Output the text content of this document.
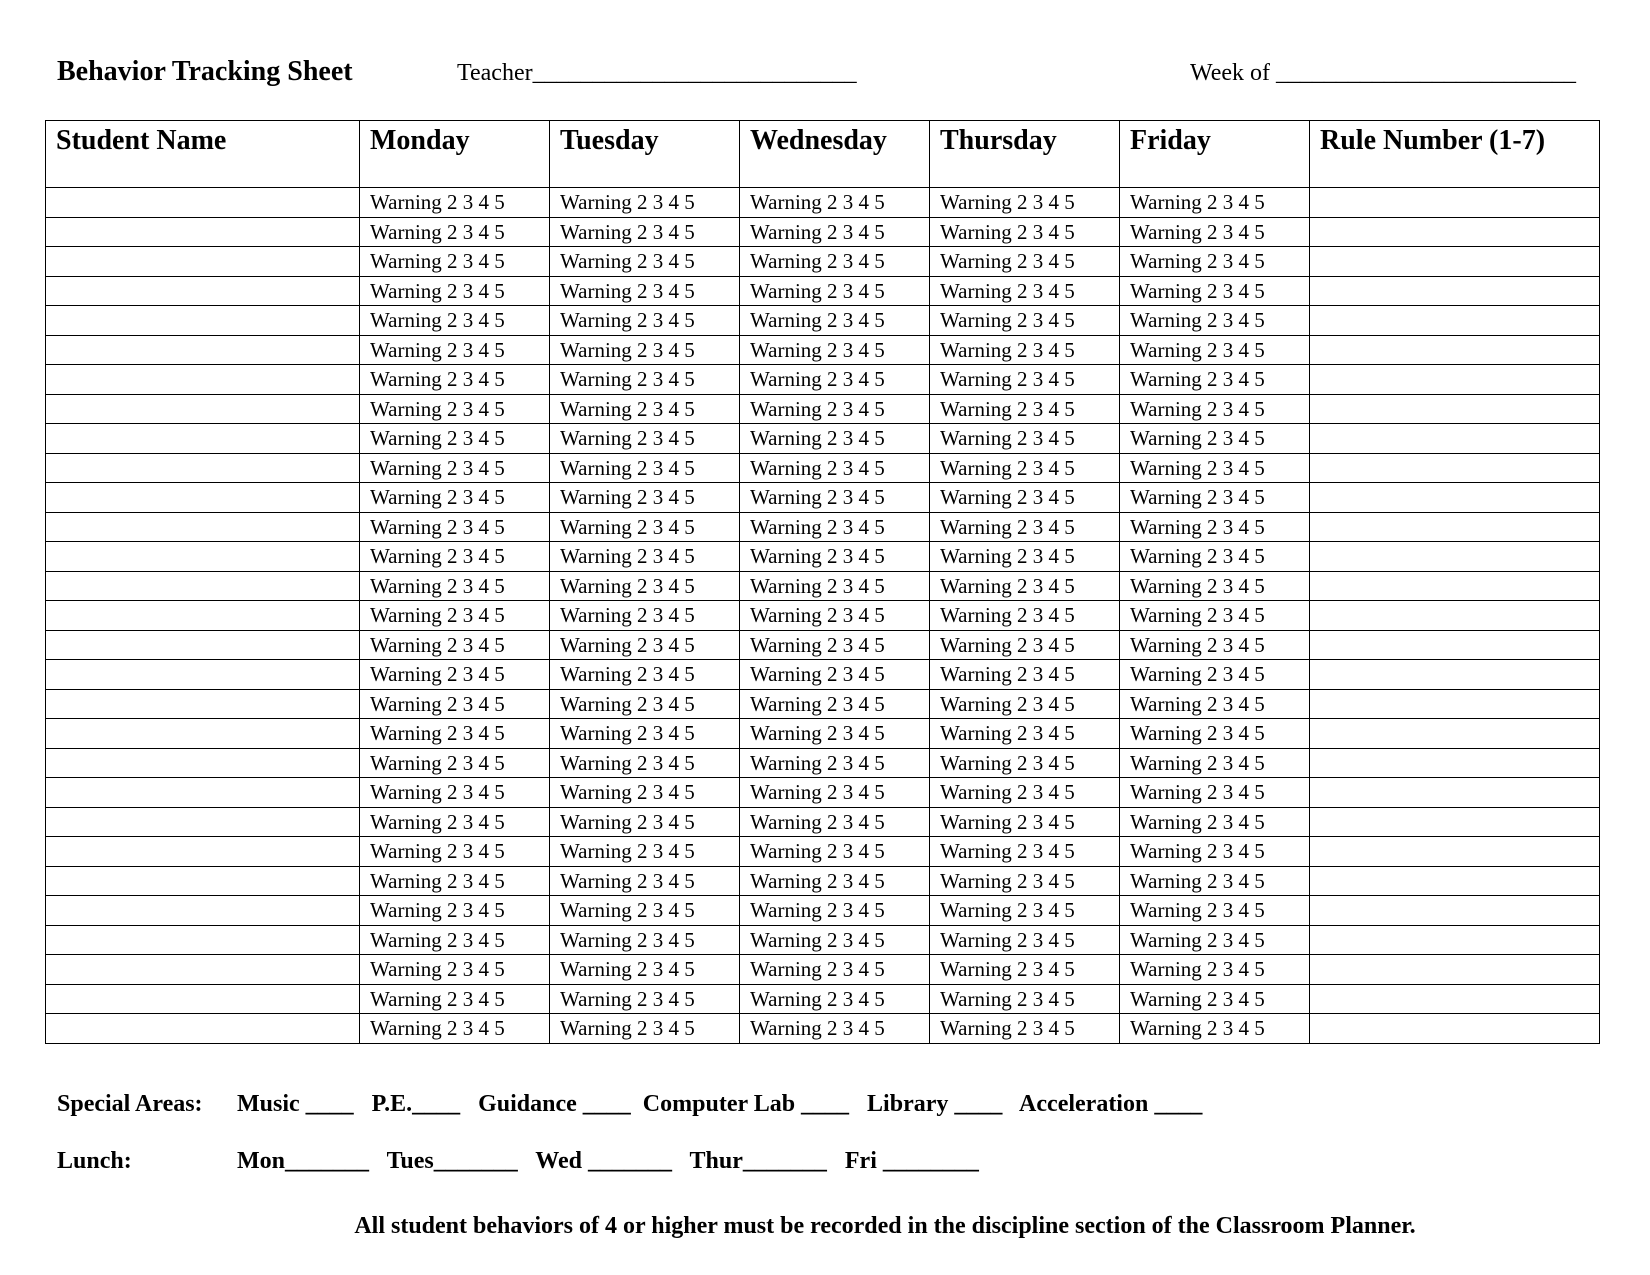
Behavior Tracking Sheet	Teacher___________________________	Week of _________________________
Student Name	Monday	Tuesday	Wednesday	Thursday	Friday	Rule Number (1-7)
	Warning 2 3 4 5	Warning 2 3 4 5	Warning 2 3 4 5	Warning 2 3 4 5	Warning 2 3 4 5	
	Warning 2 3 4 5	Warning 2 3 4 5	Warning 2 3 4 5	Warning 2 3 4 5	Warning 2 3 4 5	
	Warning 2 3 4 5	Warning 2 3 4 5	Warning 2 3 4 5	Warning 2 3 4 5	Warning 2 3 4 5	
	Warning 2 3 4 5	Warning 2 3 4 5	Warning 2 3 4 5	Warning 2 3 4 5	Warning 2 3 4 5	
	Warning 2 3 4 5	Warning 2 3 4 5	Warning 2 3 4 5	Warning 2 3 4 5	Warning 2 3 4 5	
	Warning 2 3 4 5	Warning 2 3 4 5	Warning 2 3 4 5	Warning 2 3 4 5	Warning 2 3 4 5	
	Warning 2 3 4 5	Warning 2 3 4 5	Warning 2 3 4 5	Warning 2 3 4 5	Warning 2 3 4 5	
	Warning 2 3 4 5	Warning 2 3 4 5	Warning 2 3 4 5	Warning 2 3 4 5	Warning 2 3 4 5	
	Warning 2 3 4 5	Warning 2 3 4 5	Warning 2 3 4 5	Warning 2 3 4 5	Warning 2 3 4 5	
	Warning 2 3 4 5	Warning 2 3 4 5	Warning 2 3 4 5	Warning 2 3 4 5	Warning 2 3 4 5	
	Warning 2 3 4 5	Warning 2 3 4 5	Warning 2 3 4 5	Warning 2 3 4 5	Warning 2 3 4 5	
	Warning 2 3 4 5	Warning 2 3 4 5	Warning 2 3 4 5	Warning 2 3 4 5	Warning 2 3 4 5	
	Warning 2 3 4 5	Warning 2 3 4 5	Warning 2 3 4 5	Warning 2 3 4 5	Warning 2 3 4 5	
	Warning 2 3 4 5	Warning 2 3 4 5	Warning 2 3 4 5	Warning 2 3 4 5	Warning 2 3 4 5	
	Warning 2 3 4 5	Warning 2 3 4 5	Warning 2 3 4 5	Warning 2 3 4 5	Warning 2 3 4 5	
	Warning 2 3 4 5	Warning 2 3 4 5	Warning 2 3 4 5	Warning 2 3 4 5	Warning 2 3 4 5	
	Warning 2 3 4 5	Warning 2 3 4 5	Warning 2 3 4 5	Warning 2 3 4 5	Warning 2 3 4 5	
	Warning 2 3 4 5	Warning 2 3 4 5	Warning 2 3 4 5	Warning 2 3 4 5	Warning 2 3 4 5	
	Warning 2 3 4 5	Warning 2 3 4 5	Warning 2 3 4 5	Warning 2 3 4 5	Warning 2 3 4 5	
	Warning 2 3 4 5	Warning 2 3 4 5	Warning 2 3 4 5	Warning 2 3 4 5	Warning 2 3 4 5	
	Warning 2 3 4 5	Warning 2 3 4 5	Warning 2 3 4 5	Warning 2 3 4 5	Warning 2 3 4 5	
	Warning 2 3 4 5	Warning 2 3 4 5	Warning 2 3 4 5	Warning 2 3 4 5	Warning 2 3 4 5	
	Warning 2 3 4 5	Warning 2 3 4 5	Warning 2 3 4 5	Warning 2 3 4 5	Warning 2 3 4 5	
	Warning 2 3 4 5	Warning 2 3 4 5	Warning 2 3 4 5	Warning 2 3 4 5	Warning 2 3 4 5	
	Warning 2 3 4 5	Warning 2 3 4 5	Warning 2 3 4 5	Warning 2 3 4 5	Warning 2 3 4 5	
	Warning 2 3 4 5	Warning 2 3 4 5	Warning 2 3 4 5	Warning 2 3 4 5	Warning 2 3 4 5	
	Warning 2 3 4 5	Warning 2 3 4 5	Warning 2 3 4 5	Warning 2 3 4 5	Warning 2 3 4 5	
	Warning 2 3 4 5	Warning 2 3 4 5	Warning 2 3 4 5	Warning 2 3 4 5	Warning 2 3 4 5	
	Warning 2 3 4 5	Warning 2 3 4 5	Warning 2 3 4 5	Warning 2 3 4 5	Warning 2 3 4 5	

Special Areas:

Music ____   P.E.____   Guidance ____  Computer Lab ____   Library ____   Acceleration ____

Lunch:

	Mon_______   Tues_______   Wed _______   Thur_______   Fri ________

All student behaviors of 4 or higher must be recorded in the discipline section of the Classroom Planner.
